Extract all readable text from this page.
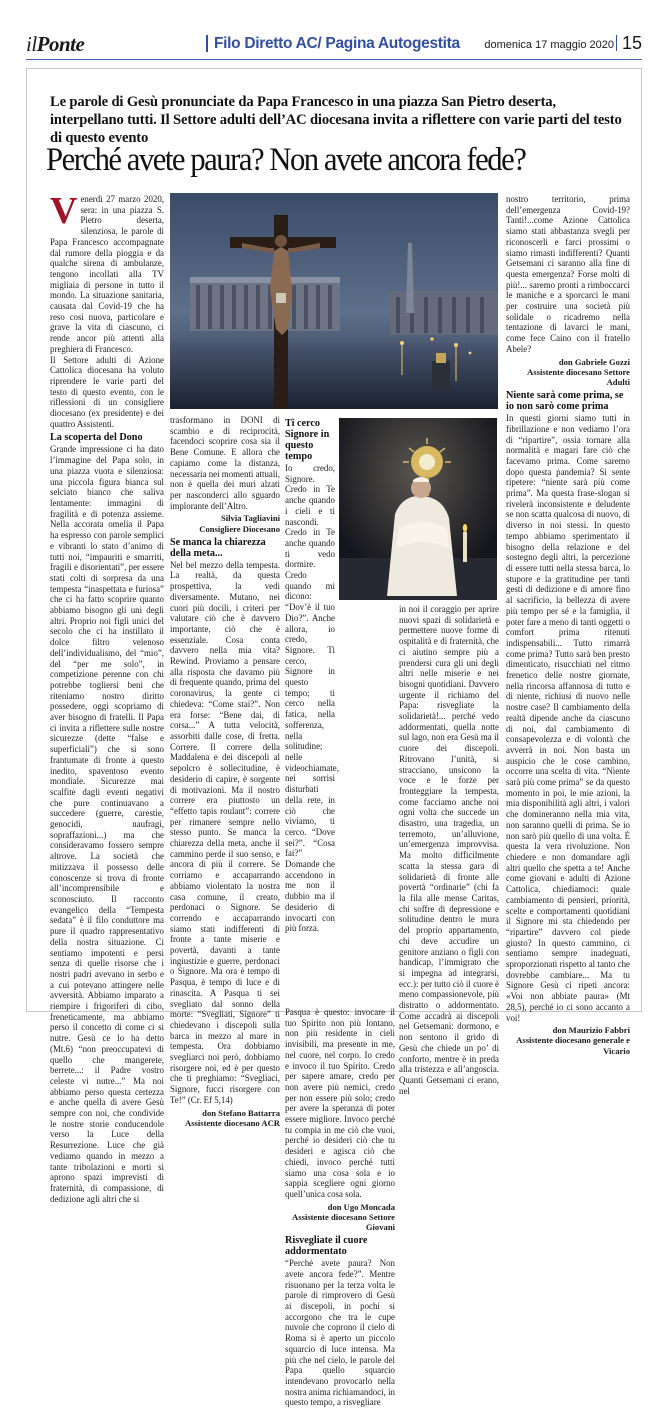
ilPonte	Filo Diretto AC/ Pagina Autogestita domenica 17 maggio 2020 15
Le parole di Gesù pronunciate da Papa Francesco in una piazza San Pietro deserta, interpellano tutti. Il Settore adulti dell’AC diocesana invita a riflettere con varie parti del testo di questo evento
Perché avete paura? Non avete ancora fede?

Venerdì 27 marzo 2020, sera: in una piazza S. Pietro deserta, silenziosa, le parole di Papa Francesco accompagnate dal rumore della pioggia e da qualche sirena di ambulanze, tengono incollati alla TV migliaia di persone in tutto il mondo. La situazione sanitaria, causata dal Covid-19 che ha reso così nuova, particolare e grave la vita di ciascuno, ci rende ancor più attenti alla preghiera di Francesco.

Il Settore adulti di Azione Cattolica diocesana ha voluto riprendere le varie parti del testo di questo evento, con le riflessioni di un consigliere diocesano (ex presidente) e dei quattro Assistenti.

La scoperta del Dono

Grande impressione ci ha dato l’immagine del Papa solo, in una piazza vuota e silenziosa: una piccola figura bianca sul selciato bianco che saliva lentamente: immagini di fragilità e di potenza assieme. Nella accorata omelia il Papa ha espresso con parole semplici e vibranti lo stato d’animo di tutti noi, “impauriti e smarriti, fragili e disorientati”, per essere stati colti di sorpresa da una tempesta “inaspettata e furiosa” che ci ha fatto scoprire quanto abbiamo bisogno gli uni degli altri. Proprio noi figli unici del secolo che ci ha instillato il dolce filtro velenoso dell’individualismo, del “mio”, del “per me solo”, in competizione perenne con chi potrebbe togliersi beni che riteniamo nostro diritto possedere, oggi scopriamo di aver bisogno di fratelli. Il Papa ci invita a riflettere sulle nostre sicurezze (dette “false e superficiali”) che si sono frantumate di fronte a questo inedito, spaventoso evento mondiale. Sicurezze mai scalfite dagli eventi negativi che pure continuavano a succedere (guerre, carestie, genocidi, naufragi, sopraffazioni...) ma che consideravamo fossero sempre altrove. La società che mitizzava il possesso delle conoscenze si trova di fronte all’incomprensibile e sconosciuto. Il racconto evangelico della “Tempesta sedata” è il filo conduttore ma pure il quadro rappresentativo della nostra situazione. Ci sentiamo impotenti e persi senza di quelle risorse che i nostri padri avevano in serbo e a cui potevano attingere nelle avversità. Abbiamo imparato a riempire i frigoriferi di cibo, freneticamente, ma abbiamo perso il concetto di come ci si nutre. Gesù ce lo ha detto (Mt.6) “non preoccupatevi di quello che mangerete, berrete...: il Padre vostro celeste vi nutre...” Ma noi abbiamo perso questa certezza e anche quella di avere Gesù sempre con noi, che condivide le nostre storie conducendole verso la Luce della Resurrezione. Luce che già vediamo quando in mezzo a tante tribolazioni e morti si aprono spazi imprevisti di fraternità, di compassione, di dedizione agli altri che si

trasformano in DONI di scambio e di reciprocità, facendoci scoprire cosa sia il Bene Comune. E allora che capiamo come la distanza, necessaria nei momenti attuali, non è quella dei muri alzati per nasconderci allo sguardo implorante dell’Altro.

Silvia Tagliavini
Consigliere Diocesano
Se manca la chiarezza della meta...

Nel bel mezzo della tempesta. La realtà, da questa prospettiva, la vedi diversamente. Mutano, nei cuori più docili, i criteri per valutare ciò che è davvero importante, ciò che è essenziale. Cosa conta davvero nella mia vita? Rewind. Proviamo a pensare alla risposta che davamo più di frequente quando, prima del coronavirus, la gente ci chiedeva: “Come stai?”. Non era forse: “Bene dai, di corsa...” A tutta velocità, assorbiti dalle cose, di fretta. Correre. Il correre della Maddalena e dei discepoli al sepolcro è sollecitudine, è desiderio di capire, è sorgente di motivazioni. Ma il nostro correre era piuttosto un “effetto tapis roulant”: correre per rimanere sempre nello stesso punto. Se manca la chiarezza della meta, anche il cammino perde il suo senso, e ancora di più il correre. Se corriamo e accaparrando abbiamo violentato la nostra casa comune, il creato, perdonaci o Signore. Se correndo e accaparrando siamo stati indifferenti di fronte a tante miserie e povertà, davanti a tante ingiustizie e guerre, perdonaci o Signore. Ma ora è tempo di Pasqua, è tempo di luce e di rinascita. A Pasqua ti sei svegliato dal sonno della morte: “Svegliati, Signore” ti chiedevano i discepoli sulla barca in mezzo al mare in tempesta. Ora dobbiamo svegliarci noi però, dobbiamo risorgere noi, ed è per questo che ti preghiamo: “Svegliaci, Signore, fucci risorgere con Te!” (Cr. Ef 5,14)

don Stefano Battarra
Assistente diocesano ACR
Ti cerco Signore in questo tempo

Io credo, Signore. Credo in Te anche quando i cieli e ti nascondi. Credo in Te anche quando ti vedo dormire. Credo quando mi dicono: “Dov’è il tuo Dio?”. Anche allora, io credo, Signore. Ti cerco, Signore in questo tempo; ti cerco nella fatica, nella sofferenza, nella solitudine; nelle videochiamate, nei sorrisi disturbati della rete, in ciò che viviamo, ti cerco. “Dove sei?”. “Cosa fai?” Domande che accendono in me non il dubbio ma il desiderio di invocarti con più forza.

Pasqua è questo: invocare il tuo Spirito non più lontano, non più residente in cieli invisibili, ma presente in me, nel cuore, nel corpo. Io credo e invoco il tuo Spirito. Credo per sapere amare, credo per non avere più nemici, credo per non essere più solo; credo per avere la speranza di poter essere migliore. Invoco perché tu compia in me ciò che vuoi, perché io desideri ciò che tu desideri e agisca ciò che chiedi, invoco perché tutti siamo una cosa sola e io sappia scegliere ogni giorno quell’unica cosa sola.

don Ugo Moncada
Assistente diocesano Settore Giovani
Risvegliate il cuore addormentato

“Perché avete paura? Non avete ancora fede?”. Mentre risuonano per la terza volta le parole di rimprovero di Gesù ai discepoli, in pochi si accorgono che tra le cupe nuvole che coprono il cielo di Roma si è aperto un piccolo squarcio di luce intensa. Ma più che nel cielo, le parole del Papa quello squarcio intendevano provocarlo nella nostra anima richiamandoci, in questo tempo, a risvegliare

in noi il coraggio per aprire nuovi spazi di solidarietà e permettere nuove forme di ospitalità e di fraternità, che ci aiutino sempre più a prendersi cura gli uni degli altri nelle miserie e nei bisogni quotidiani. Davvero urgente il richiamo del Papa: risvegliate la solidarietà!... perché vedo addormentati, quella notte sul lago, non era Gesù ma il cuore dei discepoli. Ritrovano l’unità, si stracciano, unsicono la voce e le forze per fronteggiare la tempesta, come facciamo anche noi ogni volta che succede un disastro, una tragedia, un terremoto, un’alluvione, un’emergenza improvvisa. Ma molto difficilmente scatta la stessa gara di solidarietà di fronte alle povertà “ordinarie” (chi fa la fila alle mense Caritas, chi soffre di depressione e solitudine dentro le mura del proprio appartamento, chi deve accudire un genitore anziano o figli con handicap, l’immigrato che si impegna ad integrarsi, ecc.): per tutto ciò il cuore è meno compassionevole, più distratto o addormentato. Come accadrà ai discepoli nel Getsemani: dormono, e non sentono il grido di Gesù che chiede un po’ di conforto, mentre è in preda alla tristezza e all’angoscia. Quanti Getsemani ci erano, nel

nostro territorio, prima dell’emergenza Covid-19? Tanti!...come Azione Cattolica siamo stati abbastanza svegli per riconoscerli e farci prossimi o siamo rimasti indifferenti? Quanti Getsemani ci saranno alla fine di questa emergenza? Forse molti di più!... saremo pronti a rimboccarci le maniche e a sporcarci le mani per costruire una società più solidale o ricadremo nella tentazione di lavarci le mani, come fece Caino con il fratello Abele?

don Gabriele Gozzi
Assistente diocesano Settore Adulti
Niente sarà come prima, se io non sarò come prima

In questi giorni siamo tutti in fibrillazione e non vediamo l’ora di “ripartire”, ossia tornare alla normalità e magari fare ciò che facevamo prima. Come saremo dopo questa pandemia? Si sente ripetere: “niente sarà più come prima”. Ma questa frase-slogan si rivelerà inconsistente e deludente se non scatta qualcosa di nuovo, di diverso in noi stessi. In questo tempo abbiamo sperimentato il bisogno della relazione e del sostegno degli altri, la percezione di essere tutti nella stessa barca, lo stupore e la gratitudine per tanti gesti di dedizione e di amore fino al sacrificio, la bellezza di avere più tempo per sé e la famiglia, il poter fare a meno di tanti oggetti o comfort prima ritenuti indispensabili... Tutto rimarrà come prima? Tutto sarà ben presto dimenticato, risucchiati nel ritmo frenetico delle nostre giornate, nella rincorsa affannosa di tutto e di niente, richiusi di nuovo nelle nostre case? Il cambiamento della realtà dipende anche da ciascuno di noi, dal cambiamento di consapevolezza e di volontà che avverrà in noi. Non basta un auspicio che le cose cambino, occorre una scelta di vita. “Niente sarà più come prima” se da questo momento in poi, le mie azioni, la mia disponibilità agli altri, i valori che domineranno nella mia vita, non saranno quelli di prima. Se io non sarò più quello di una volta. È questa la vera rivoluzione. Non chiedere e non domandare agli altri quello che spetta a te! Anche come giovani e adulti di Azione Cattolica, chiediamoci: quale cambiamento di pensieri, priorità, scelte e comportamenti quotidiani il Signore mi sta chiedendo per “ripartire” davvero col piede giusto? In questo cammino, ci sentiamo sempre inadeguati, sproporzionati rispetto al tanto che dovrebbe cambiare... Ma tu Signore Gesù ci ripeti ancora: «Voi non abbiate paura» (Mt 28,5), perché io ci sono accanto a voi!

don Maurizio Fabbri
Assistente diocesano generale e Vicario
